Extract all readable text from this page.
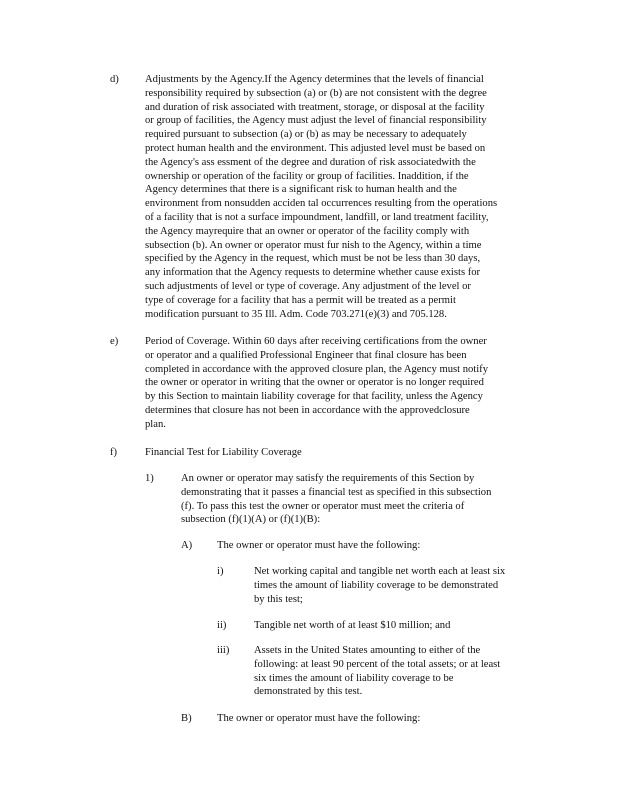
d) Adjustments by the Agency.If the Agency determines that the levels of financial
responsibility required by subsection (a) or (b) are not consistent with the degree
and duration of risk associated with treatment, storage, or disposal at the facility
or group of facilities, the Agency must adjust the level of financial responsibility
required pursuant to subsection (a) or (b) as may be necessary to adequately
protect human health and the environment. This adjusted level must be based on
the Agency's ass essment of the degree and duration of risk associatedwith the
ownership or operation of the facility or group of facilities. Inaddition, if the
Agency determines that there is a significant risk to human health and the
environment from nonsudden acciden tal occurrences resulting from the operations
of a facility that is not a surface impoundment, landfill, or land treatment facility,
the Agency mayrequire that an owner or operator of the facility comply with
subsection (b). An owner or operator must fur nish to the Agency, within a time
specified by the Agency in the request, which must be not be less than 30 days,
any information that the Agency requests to determine whether cause exists for
such adjustments of level or type of coverage. Any adjustment of the level or
type of coverage for a facility that has a permit will be treated as a permit
modification pursuant to 35 Ill. Adm. Code 703.271(e)(3) and 705.128.
e)	Period of Coverage. Within 60 days after receiving certifications from the owner
or operator and a qualified Professional Engineer that final closure has been
completed in accordance with the approved closure plan, the Agency must notify
the owner or operator in writing that the owner or operator is no longer required
by this Section to maintain liability coverage for that facility, unless the Agency
determines that closure has not been in accordance with the approvedclosure
plan.
f)	Financial Test for Liability Coverage
1)	An owner or operator may satisfy the requirements of this Section by
demonstrating that it passes a financial test as specified in this subsection
(f). To pass this test the owner or operator must meet the criteria of
subsection (f)(1)(A) or (f)(1)(B):
A) The owner or operator must have the following:
i)	Net working capital and tangible net worth each at least six
times the amount of liability coverage to be demonstrated
by this test;
ii)	Tangible net worth of at least $10 million; and
iii) Assets in the United States amounting to either of the
following: at least 90 percent of the total assets; or at least
six times the amount of liability coverage to be
demonstrated by this test.
B) The owner or operator must have the following:
